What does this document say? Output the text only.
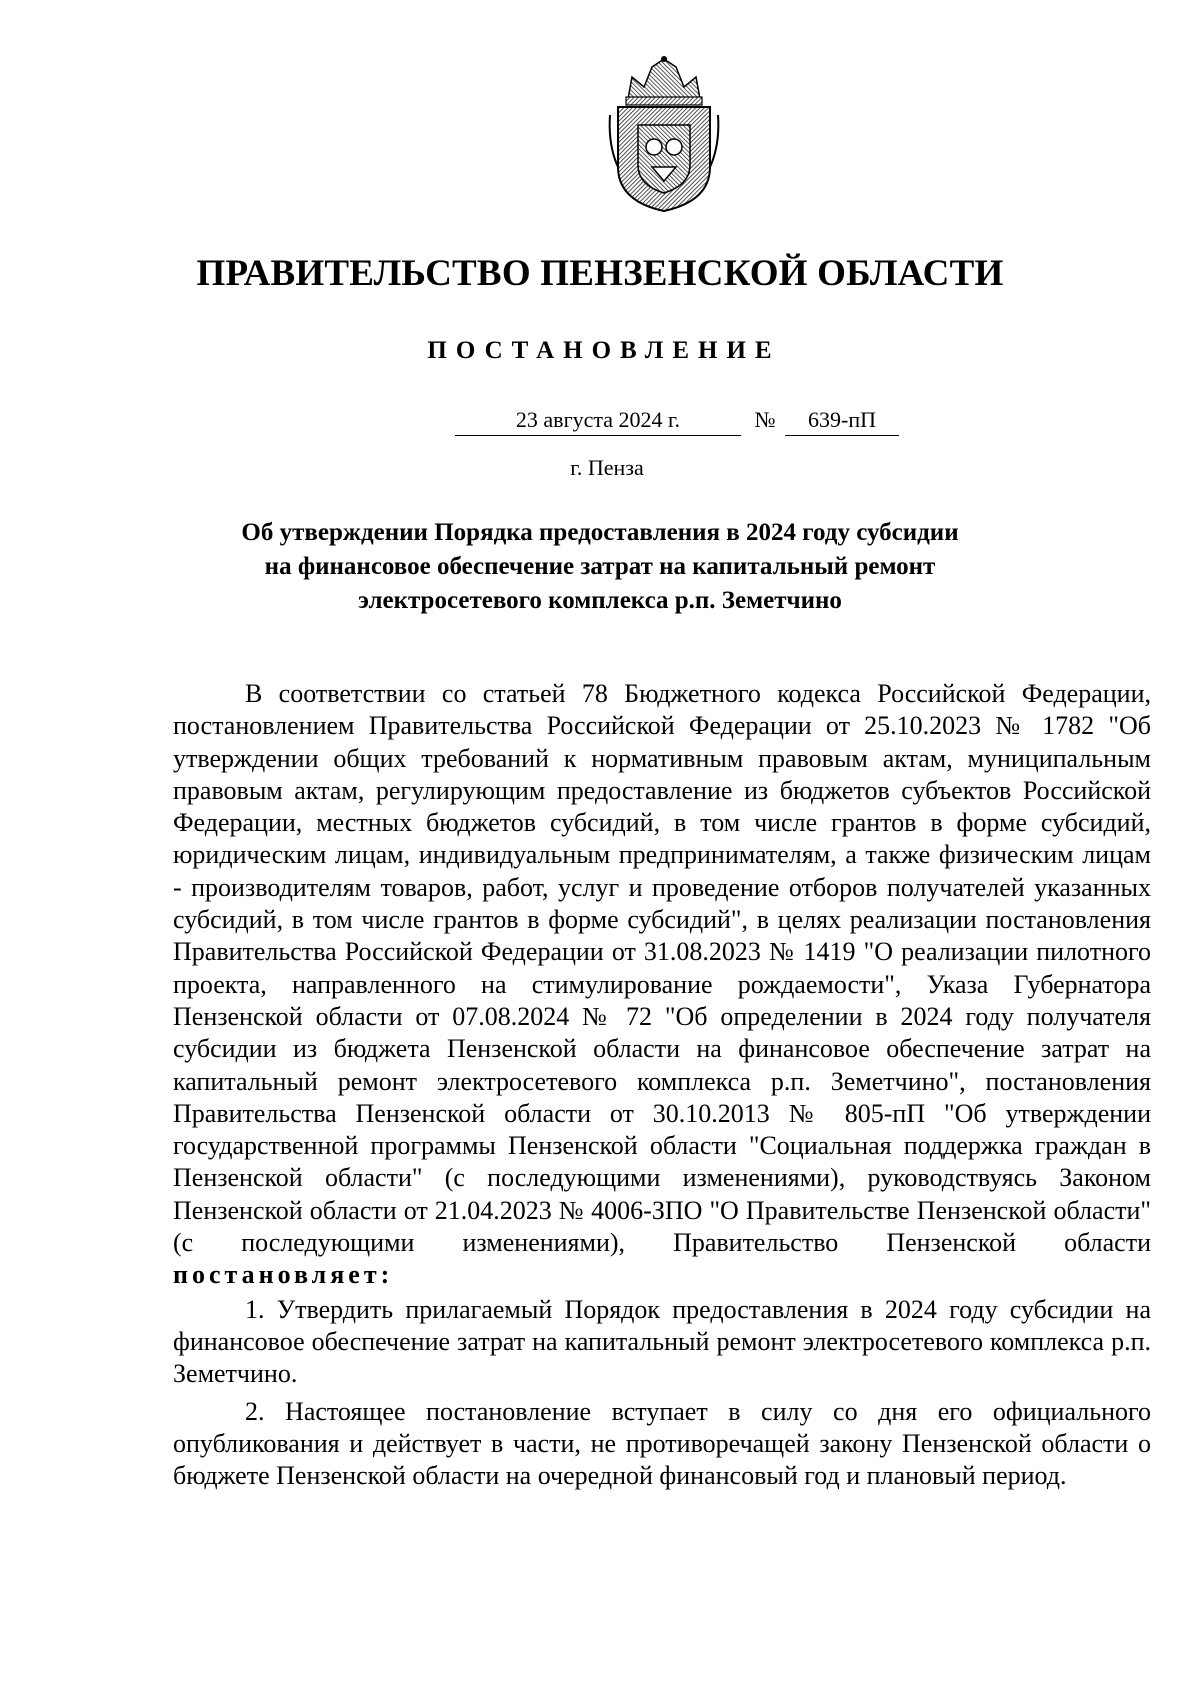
ПРАВИТЕЛЬСТВО ПЕНЗЕНСКОЙ ОБЛАСТИ
ПОСТАНОВЛЕНИЕ
23 августа 2024 г.	№	639-пП
г. Пенза
Об утверждении Порядка предоставления в 2024 году субсидии
на финансовое обеспечение затрат на капитальный ремонт
электросетевого комплекса р.п. Земетчино

В соответствии со статьей 78 Бюджетного кодекса Российской Федерации, постановлением Правительства Российской Федерации от 25.10.2023 № 1782 "Об утверждении общих требований к нормативным правовым актам, муниципальным правовым актам, регулирующим предоставление из бюджетов субъектов Российской Федерации, местных бюджетов субсидий, в том числе грантов в форме субсидий, юридическим лицам, индивидуальным предпринимателям, а также физическим лицам - производителям товаров, работ, услуг и проведение отборов получателей указанных субсидий, в том числе грантов в форме субсидий", в целях реализации постановления Правительства Российской Федерации от 31.08.2023 № 1419 "О реализации пилотного проекта, направленного на стимулирование рождаемости", Указа Губернатора Пензенской области от 07.08.2024 № 72 "Об определении в 2024 году получателя субсидии из бюджета Пензенской области на финансовое обеспечение затрат на капитальный ремонт электросетевого комплекса р.п. Земетчино", постановления Правительства Пензенской области от 30.10.2013 № 805-пП "Об утверждении государственной программы Пензенской области "Социальная поддержка граждан в Пензенской области" (с последующими изменениями), руководствуясь Законом Пензенской области от 21.04.2023 № 4006-ЗПО "О Правительстве Пензенской области" (с последующими изменениями), Правительство Пензенской области постановляет:

1. Утвердить прилагаемый Порядок предоставления в 2024 году субсидии на финансовое обеспечение затрат на капитальный ремонт электросетевого комплекса р.п. Земетчино.

2. Настоящее постановление вступает в силу со дня его официального опубликования и действует в части, не противоречащей закону Пензенской области о бюджете Пензенской области на очередной финансовый год и плановый период.
